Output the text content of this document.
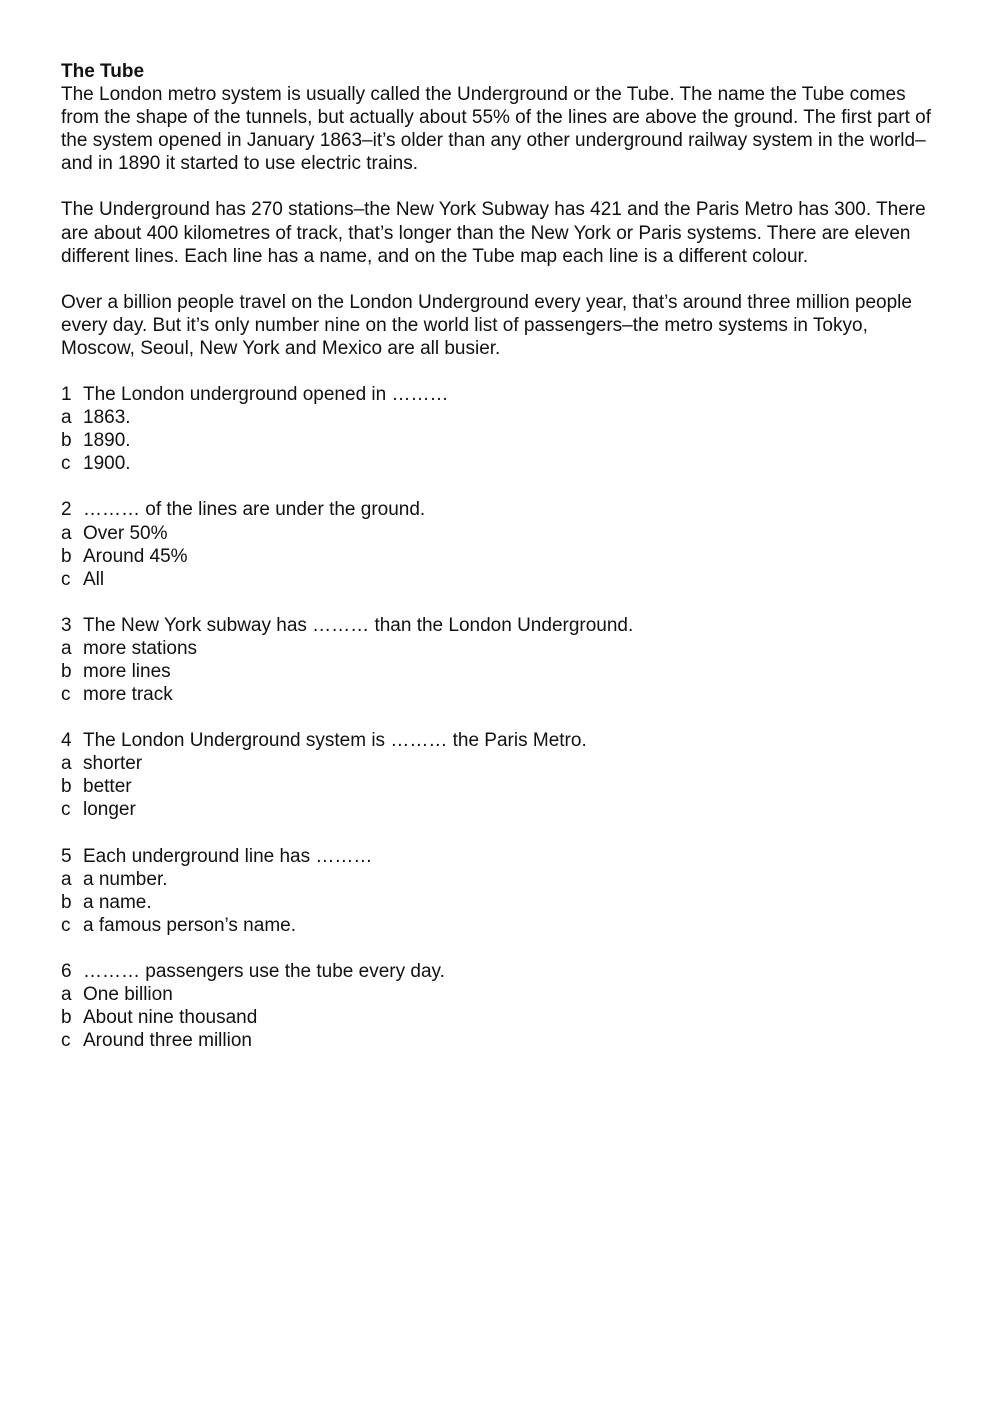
The Tube

The London metro system is usually called the Underground or the Tube. The name the Tube comes from the shape of the tunnels, but actually about 55% of the lines are above the ground. The first part of the system opened in January 1863–it’s older than any other underground railway system in the world–and in 1890 it started to use electric trains.

The Underground has 270 stations–the New York Subway has 421 and the Paris Metro has 300. There are about 400 kilometres of track, that’s longer than the New York or Paris systems. There are eleven different lines. Each line has a name, and on the Tube map each line is a different colour.

Over a billion people travel on the London Underground every year, that’s around three million people every day. But it’s only number nine on the world list of passengers–the metro systems in Tokyo, Moscow, Seoul, New York and Mexico are all busier.

1 The London underground opened in ………

a 1863.

b 1890.

c 1900.

2 ……… of the lines are under the ground.

a Over 50%

b Around 45%

c All

3 The New York subway has ……… than the London Underground.

a more stations

b more lines

c more track

4 The London Underground system is ……… the Paris Metro.

a shorter

b better

c longer

5 Each underground line has ………

a a number.

b a name.

c a famous person’s name.

6 ……… passengers use the tube every day.

a One billion

b About nine thousand

c Around three million
